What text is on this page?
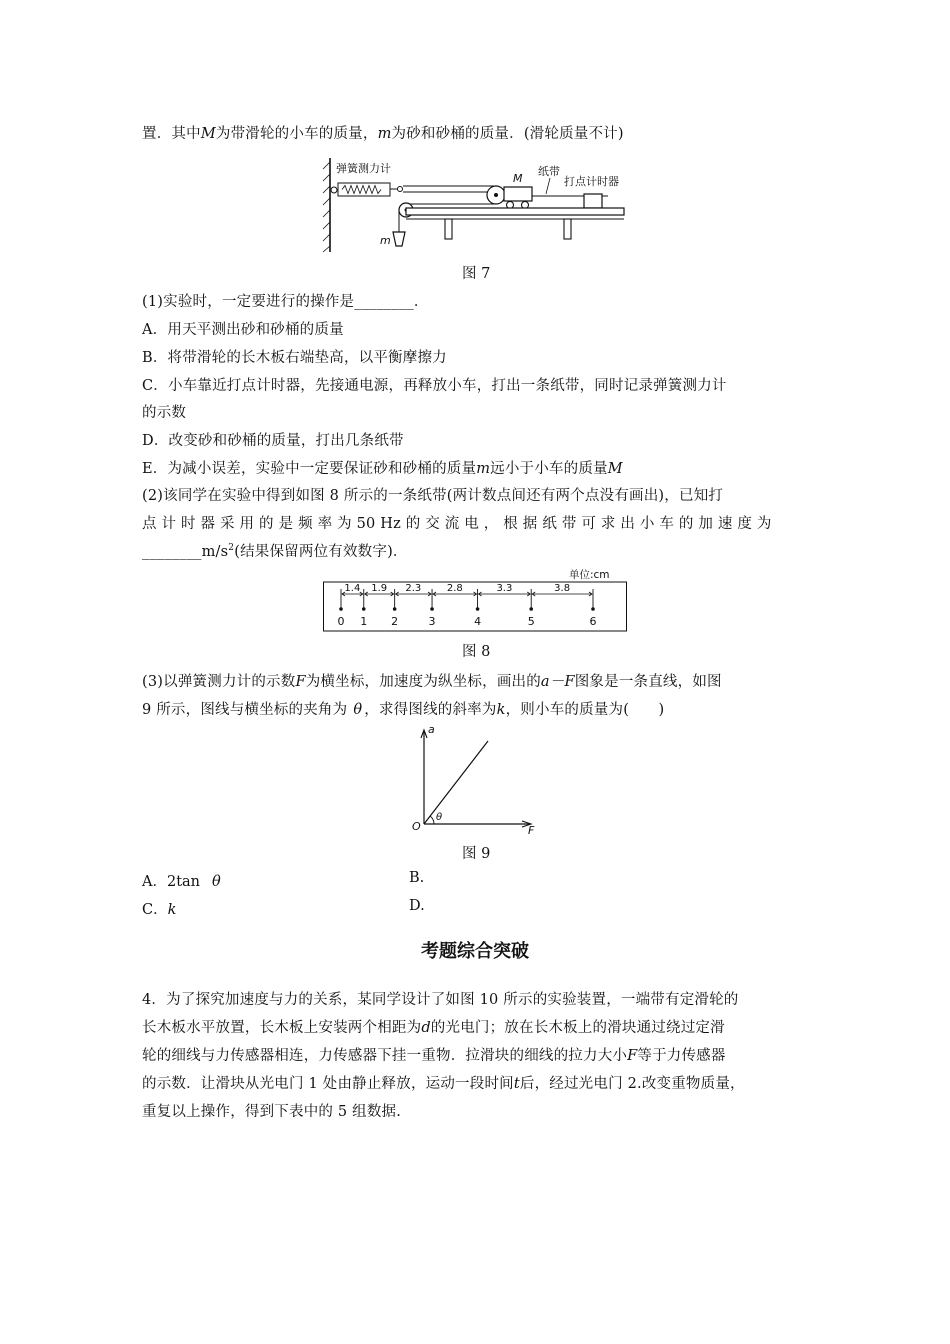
置．其中M为带滑轮的小车的质量，m为砂和砂桶的质量．(滑轮质量不计)
弹簧测力计
m
M
纸带
打点计时器
图 7
(1)实验时，一定要进行的操作是________．
A．用天平测出砂和砂桶的质量
B．将带滑轮的长木板右端垫高，以平衡摩擦力
C．小车靠近打点计时器，先接通电源，再释放小车，打出一条纸带，同时记录弹簧测力计
的示数
D．改变砂和砂桶的质量，打出几条纸带
E．为减小误差，实验中一定要保证砂和砂桶的质量m远小于小车的质量M
(2)该同学在实验中得到如图 8 所示的一条纸带(两计数点间还有两个点没有画出)，已知打
点 计 时 器 采 用 的 是 频 率 为 50 Hz 的 交 流 电 ， 根 据 纸 带 可 求 出 小 车 的 加 速 度 为
$\_\_\_\_\_\_\_\_m/s^2$(结果保留两位有效数字)．
单位:cm
0 1 2	3	4	5	6
1.4 1.9 2.3	2.8	3.3	3.8
图 8
(3)以弹簧测力计的示数F为横坐标，加速度为纵坐标，画出的a－F图象是一条直线，如图
9 所示，图线与横坐标的夹角为 θ ，求得图线的斜率为k，则小车的质量为(　　)
a
F
O
θ
图 9
A．2tan θ	B.
C．k	D.
考题综合突破
4．为了探究加速度与力的关系，某同学设计了如图 10 所示的实验装置，一端带有定滑轮的
长木板水平放置，长木板上安装两个相距为d的光电门；放在长木板上的滑块通过绕过定滑
轮的细线与力传感器相连，力传感器下挂一重物．拉滑块的细线的拉力大小F等于力传感器
的示数．让滑块从光电门 1 处由静止释放，运动一段时间t后，经过光电门 2.改变重物质量，
重复以上操作，得到下表中的 5 组数据.
